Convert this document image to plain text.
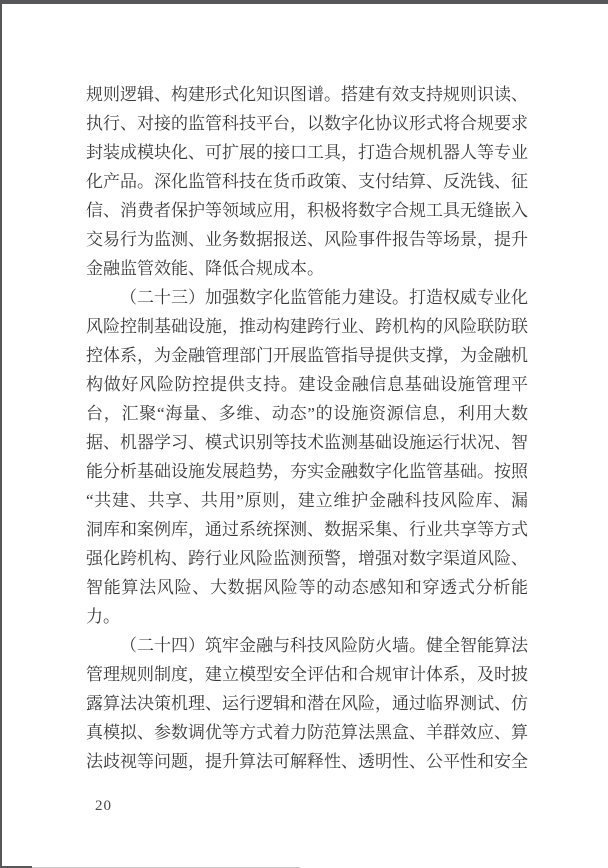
规则逻辑、构建形式化知识图谱。搭建有效支持规则识读、
执行、对接的监管科技平台，以数字化协议形式将合规要求
封装成模块化、可扩展的接口工具，打造合规机器人等专业
化产品。深化监管科技在货币政策、支付结算、反洗钱、征
信、消费者保护等领域应用，积极将数字合规工具无缝嵌入
交易行为监测、业务数据报送、风险事件报告等场景，提升
金融监管效能、降低合规成本。
（二十三）加强数字化监管能力建设。打造权威专业化
风险控制基础设施，推动构建跨行业、跨机构的风险联防联
控体系，为金融管理部门开展监管指导提供支撑，为金融机
构做好风险防控提供支持。建设金融信息基础设施管理平
台，汇聚“海量、多维、动态”的设施资源信息，利用大数
据、机器学习、模式识别等技术监测基础设施运行状况、智
能分析基础设施发展趋势，夯实金融数字化监管基础。按照
“共建、共享、共用”原则，建立维护金融科技风险库、漏
洞库和案例库，通过系统探测、数据采集、行业共享等方式
强化跨机构、跨行业风险监测预警，增强对数字渠道风险、
智能算法风险、大数据风险等的动态感知和穿透式分析能
力。
（二十四）筑牢金融与科技风险防火墙。健全智能算法
管理规则制度，建立模型安全评估和合规审计体系，及时披
露算法决策机理、运行逻辑和潜在风险，通过临界测试、仿
真模拟、参数调优等方式着力防范算法黑盒、羊群效应、算
法歧视等问题，提升算法可解释性、透明性、公平性和安全
20
